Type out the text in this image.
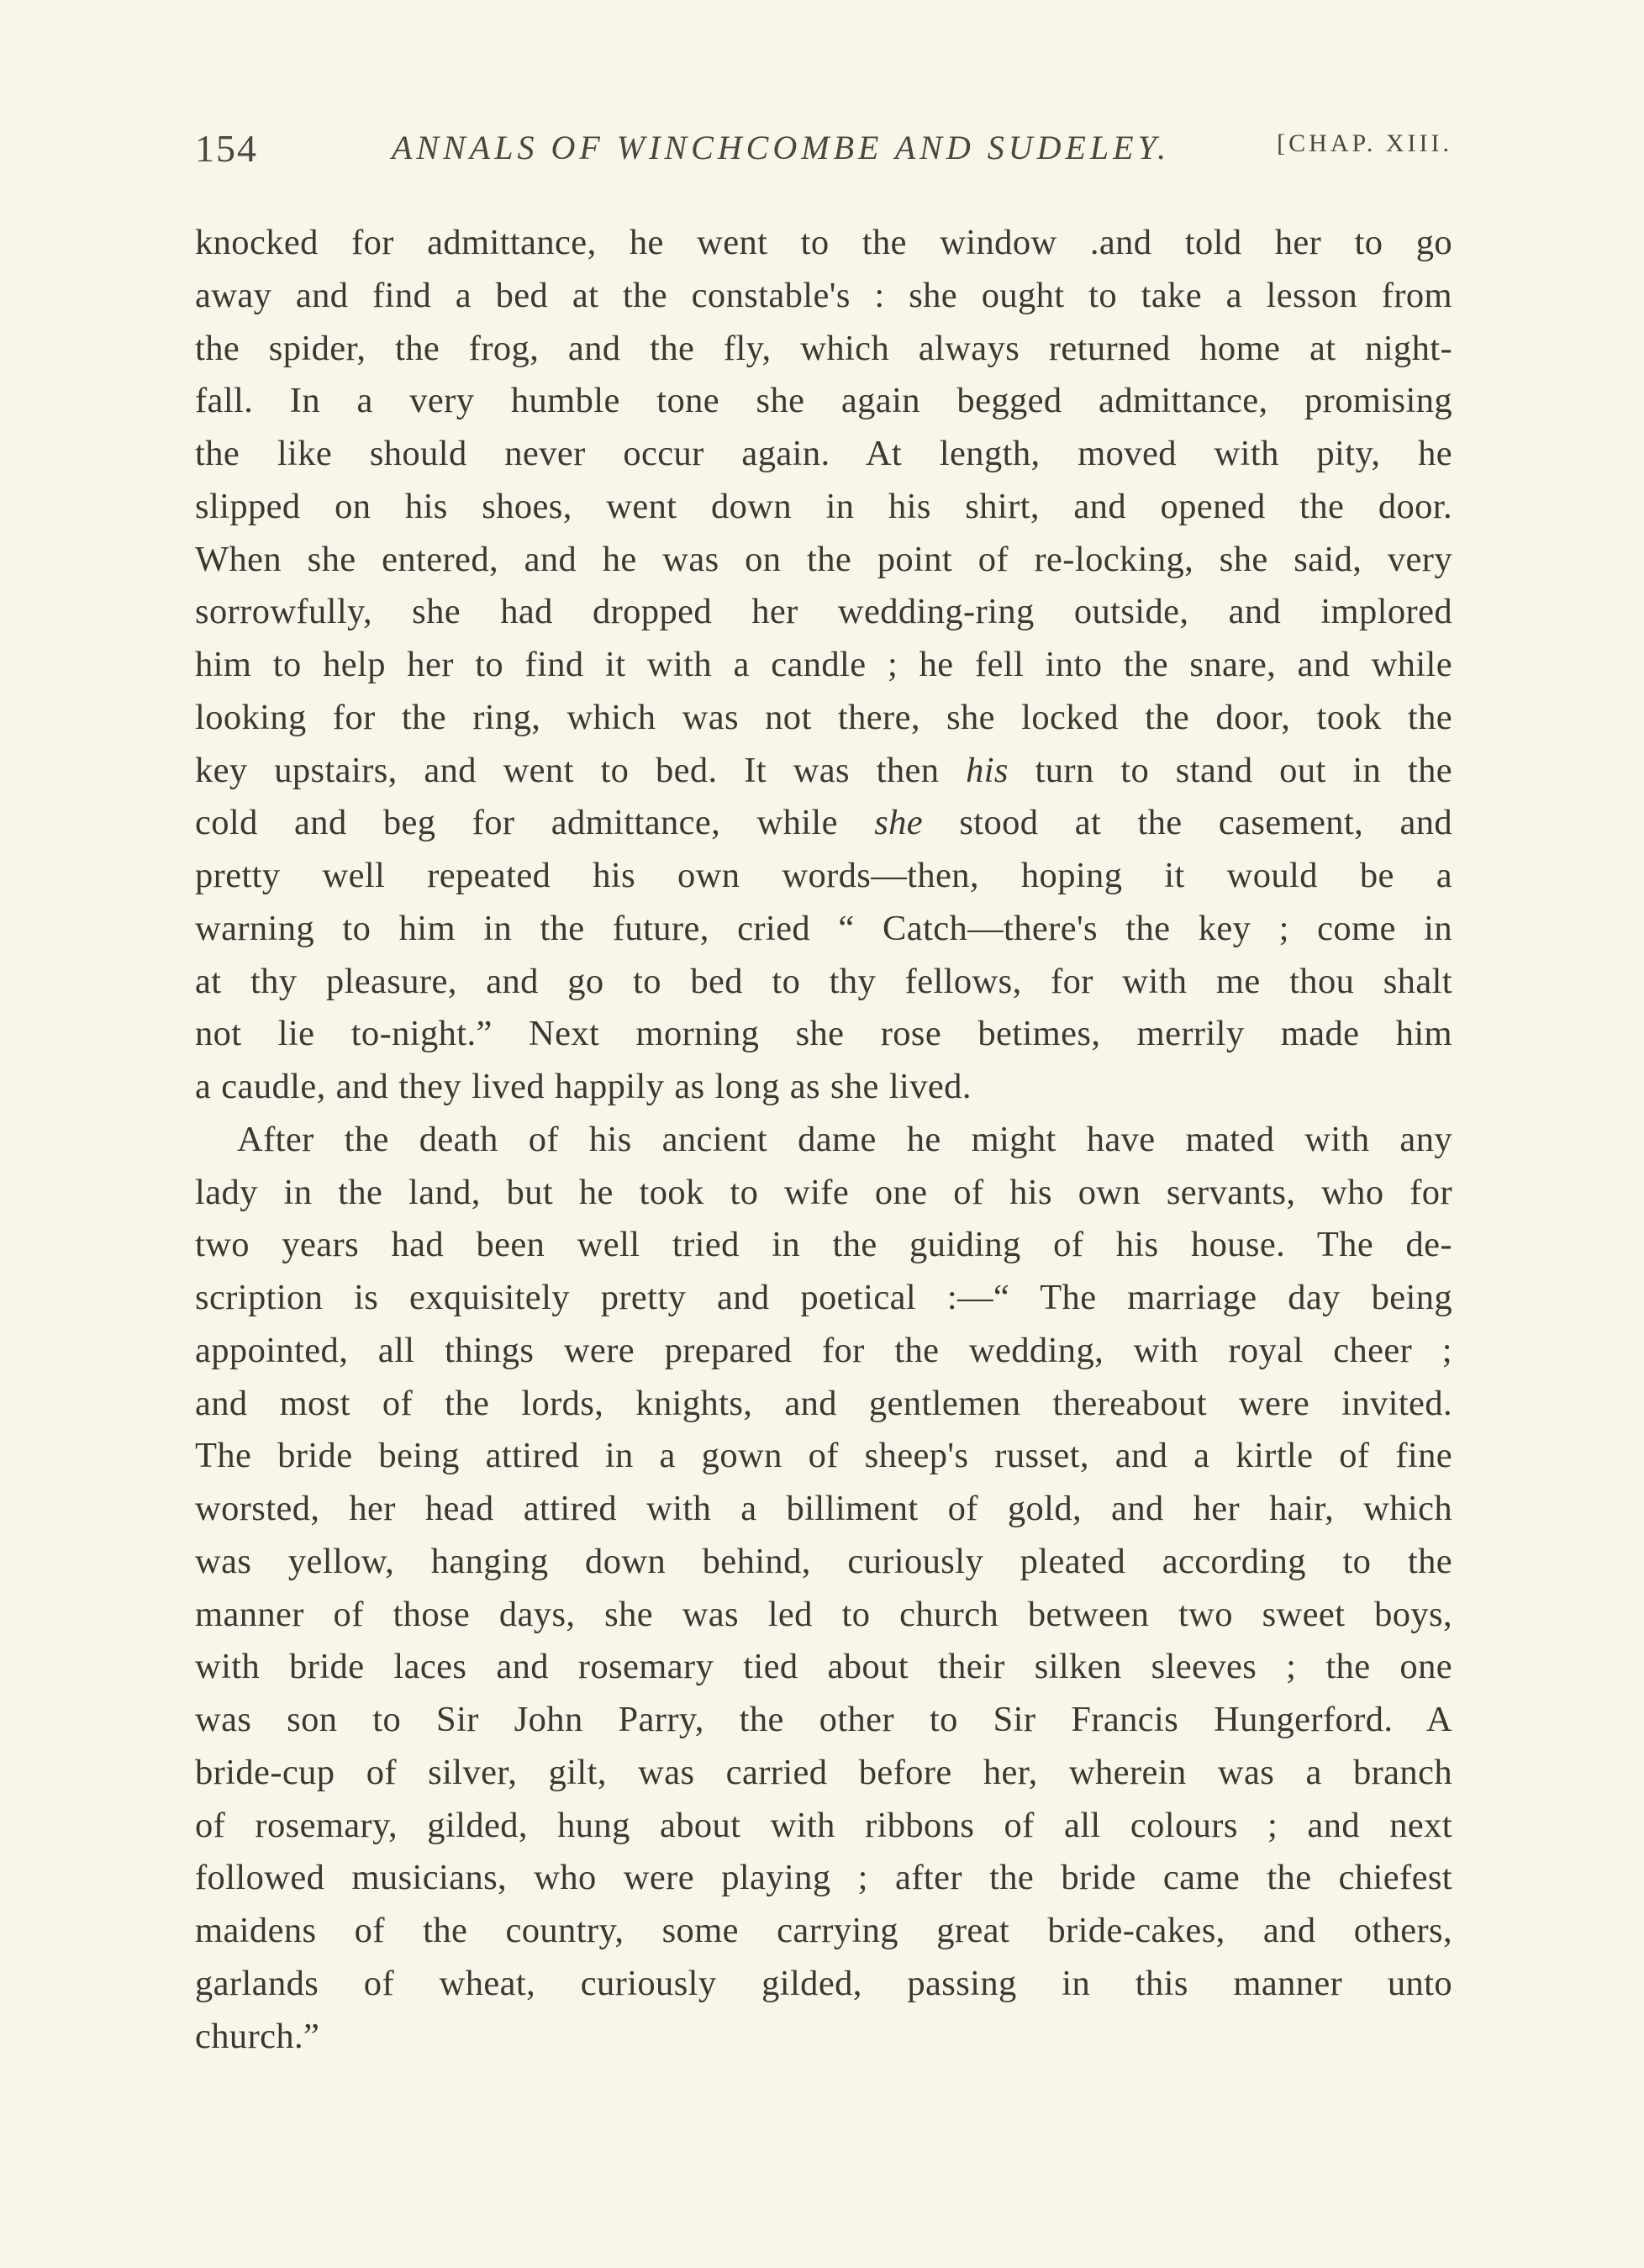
154	ANNALS OF WINCHCOMBE AND SUDELEY.	[CHAP. XIII.
knocked for admittance, he went to the window .and told her to go
away and find a bed at the constable's : she ought to take a lesson from
the spider, the frog, and the fly, which always returned home at night-
fall. In a very humble tone she again begged admittance, promising
the like should never occur again. At length, moved with pity, he
slipped on his shoes, went down in his shirt, and opened the door.
When she entered, and he was on the point of re-locking, she said, very
sorrowfully, she had dropped her wedding-ring outside, and implored
him to help her to find it with a candle ; he fell into the snare, and while
looking for the ring, which was not there, she locked the door, took the
key upstairs, and went to bed. It was then his turn to stand out in the
cold and beg for admittance, while she stood at the casement, and
pretty well repeated his own words—then, hoping it would be a
warning to him in the future, cried “ Catch—there's the key ; come in
at thy pleasure, and go to bed to thy fellows, for with me thou shalt
not lie to-night.” Next morning she rose betimes, merrily made him
a caudle, and they lived happily as long as she lived.
After the death of his ancient dame he might have mated with any
lady in the land, but he took to wife one of his own servants, who for
two years had been well tried in the guiding of his house. The de-
scription is exquisitely pretty and poetical :—“ The marriage day being
appointed, all things were prepared for the wedding, with royal cheer ;
and most of the lords, knights, and gentlemen thereabout were invited.
The bride being attired in a gown of sheep's russet, and a kirtle of fine
worsted, her head attired with a billiment of gold, and her hair, which
was yellow, hanging down behind, curiously pleated according to the
manner of those days, she was led to church between two sweet boys,
with bride laces and rosemary tied about their silken sleeves ; the one
was son to Sir John Parry, the other to Sir Francis Hungerford. A
bride-cup of silver, gilt, was carried before her, wherein was a branch
of rosemary, gilded, hung about with ribbons of all colours ; and next
followed musicians, who were playing ; after the bride came the chiefest
maidens of the country, some carrying great bride-cakes, and others,
garlands of wheat, curiously gilded, passing in this manner unto
church.”
